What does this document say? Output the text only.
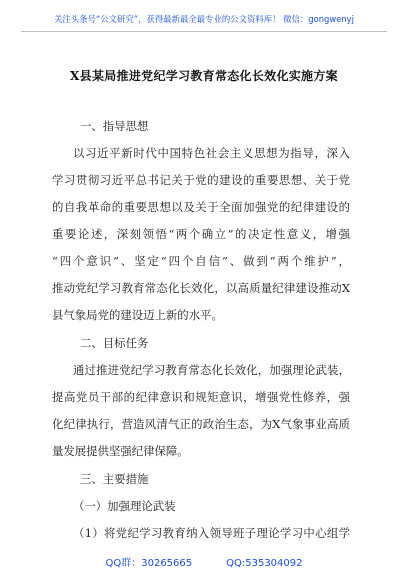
关注头条号“公文研究”，获得最新最全最专业的公文资料库！ 微信：gongwenyj
X县某局推进党纪学习教育常态化长效化实施方案
一、指导思想
以习近平新时代中国特色社会主义思想为指导，深入
学习贯彻习近平总书记关于党的建设的重要思想、关于党
的自我革命的重要思想以及关于全面加强党的纪律建设的
重要论述，深刻领悟“两个确立”的决定性意义，增强
“四个意识”、坚定“四个自信”、做到“两个维护”，
推动党纪学习教育常态化长效化，以高质量纪律建设推动X
县气象局党的建设迈上新的水平。
二、目标任务
通过推进党纪学习教育常态化长效化，加强理论武装，
提高党员干部的纪律意识和规矩意识，增强党性修养，强
化纪律执行，营造风清气正的政治生态，为X气象事业高质
量发展提供坚强纪律保障。
三、主要措施
（一）加强理论武装
（1）将党纪学习教育纳入领导班子理论学习中心组学
QQ群：30265665	QQ:535304092
